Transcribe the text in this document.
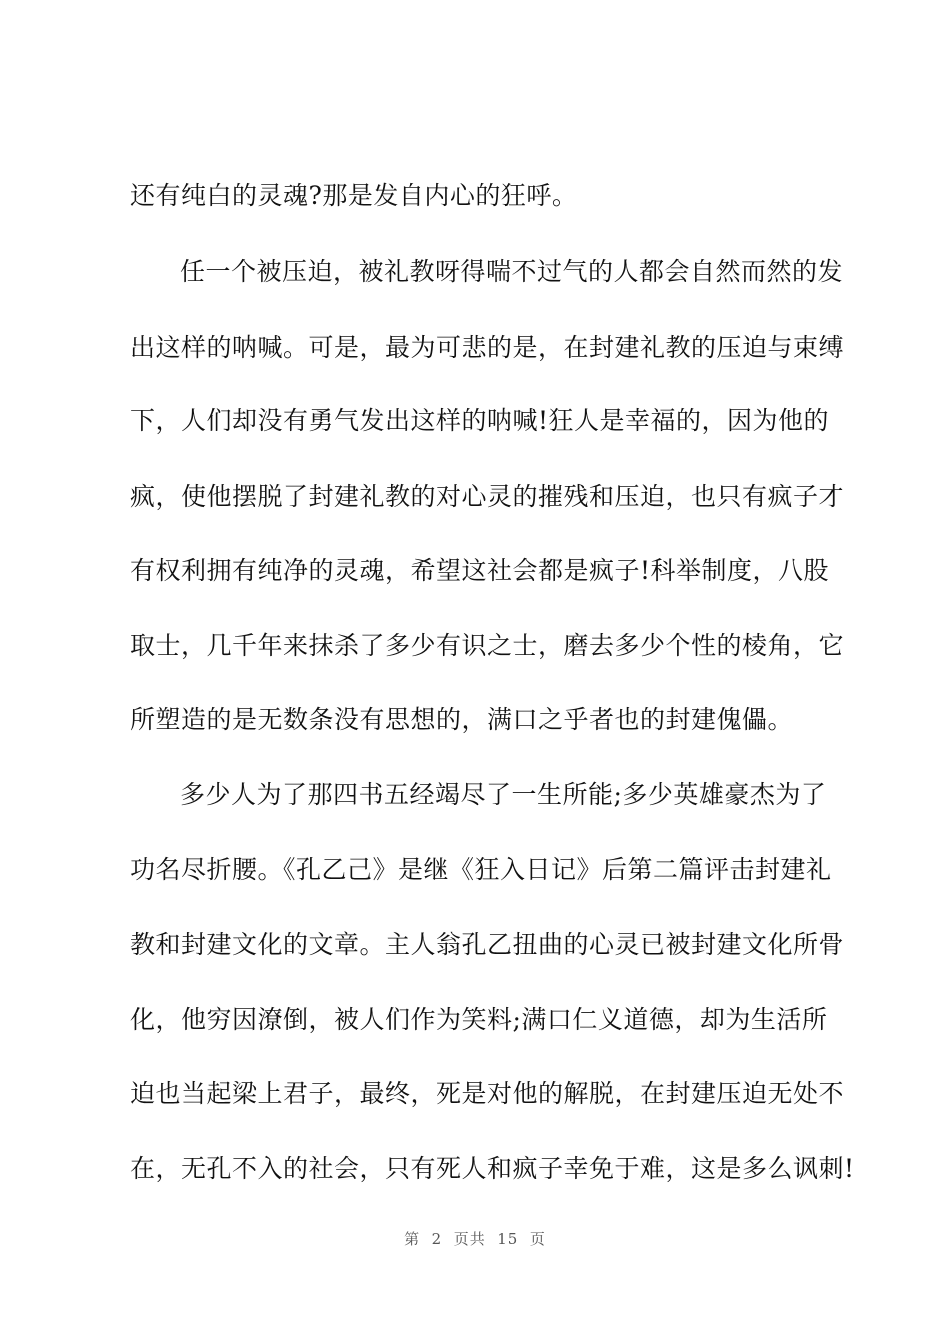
还有纯白的灵魂?那是发自内心的狂呼。
任一个被压迫，被礼教呀得喘不过气的人都会自然而然的发
出这样的呐喊。可是，最为可悲的是，在封建礼教的压迫与束缚
下，人们却没有勇气发出这样的呐喊!狂人是幸福的，因为他的
疯，使他摆脱了封建礼教的对心灵的摧残和压迫，也只有疯子才
有权利拥有纯净的灵魂，希望这社会都是疯子!科举制度，八股
取士，几千年来抹杀了多少有识之士，磨去多少个性的棱角，它
所塑造的是无数条没有思想的，满口之乎者也的封建傀儡。
多少人为了那四书五经竭尽了一生所能;多少英雄豪杰为了
功名尽折腰。《孔乙己》是继《狂入日记》后第二篇评击封建礼
教和封建文化的文章。主人翁孔乙扭曲的心灵已被封建文化所骨
化，他穷因潦倒，被人们作为笑料;满口仁义道德，却为生活所
迫也当起梁上君子，最终，死是对他的解脱，在封建压迫无处不
在，无孔不入的社会，只有死人和疯子幸免于难，这是多么讽刺!
第  2  页共  15  页
